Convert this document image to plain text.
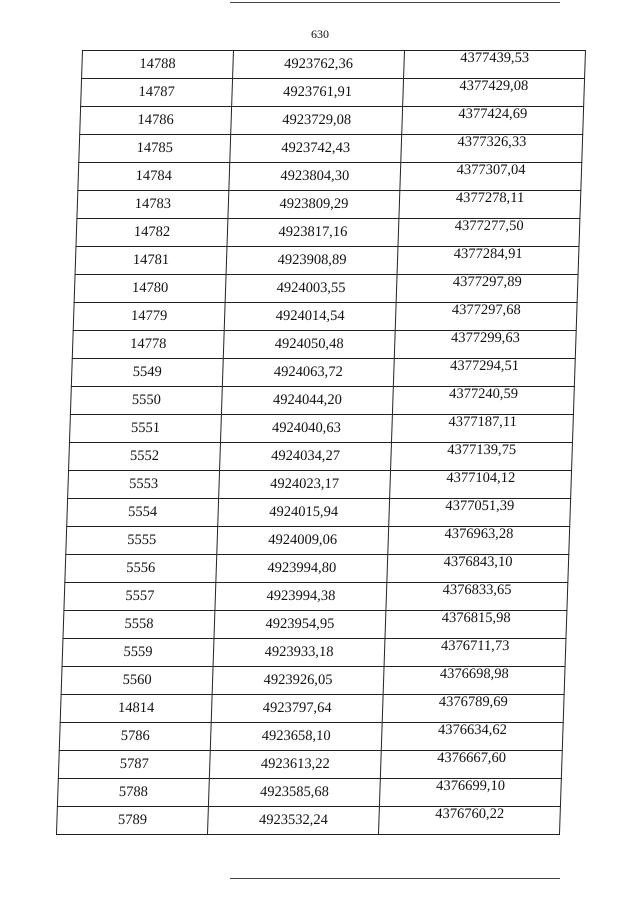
630
14788	4923762,36	4377439,53
14787	4923761,91	4377429,08
14786	4923729,08	4377424,69
14785	4923742,43	4377326,33
14784	4923804,30	4377307,04
14783	4923809,29	4377278,11
14782	4923817,16	4377277,50
14781	4923908,89	4377284,91
14780	4924003,55	4377297,89
14779	4924014,54	4377297,68
14778	4924050,48	4377299,63
5549	4924063,72	4377294,51
5550	4924044,20	4377240,59
5551	4924040,63	4377187,11
5552	4924034,27	4377139,75
5553	4924023,17	4377104,12
5554	4924015,94	4377051,39
5555	4924009,06	4376963,28
5556	4923994,80	4376843,10
5557	4923994,38	4376833,65
5558	4923954,95	4376815,98
5559	4923933,18	4376711,73
5560	4923926,05	4376698,98
14814	4923797,64	4376789,69
5786	4923658,10	4376634,62
5787	4923613,22	4376667,60
5788	4923585,68	4376699,10
5789	4923532,24	4376760,22
